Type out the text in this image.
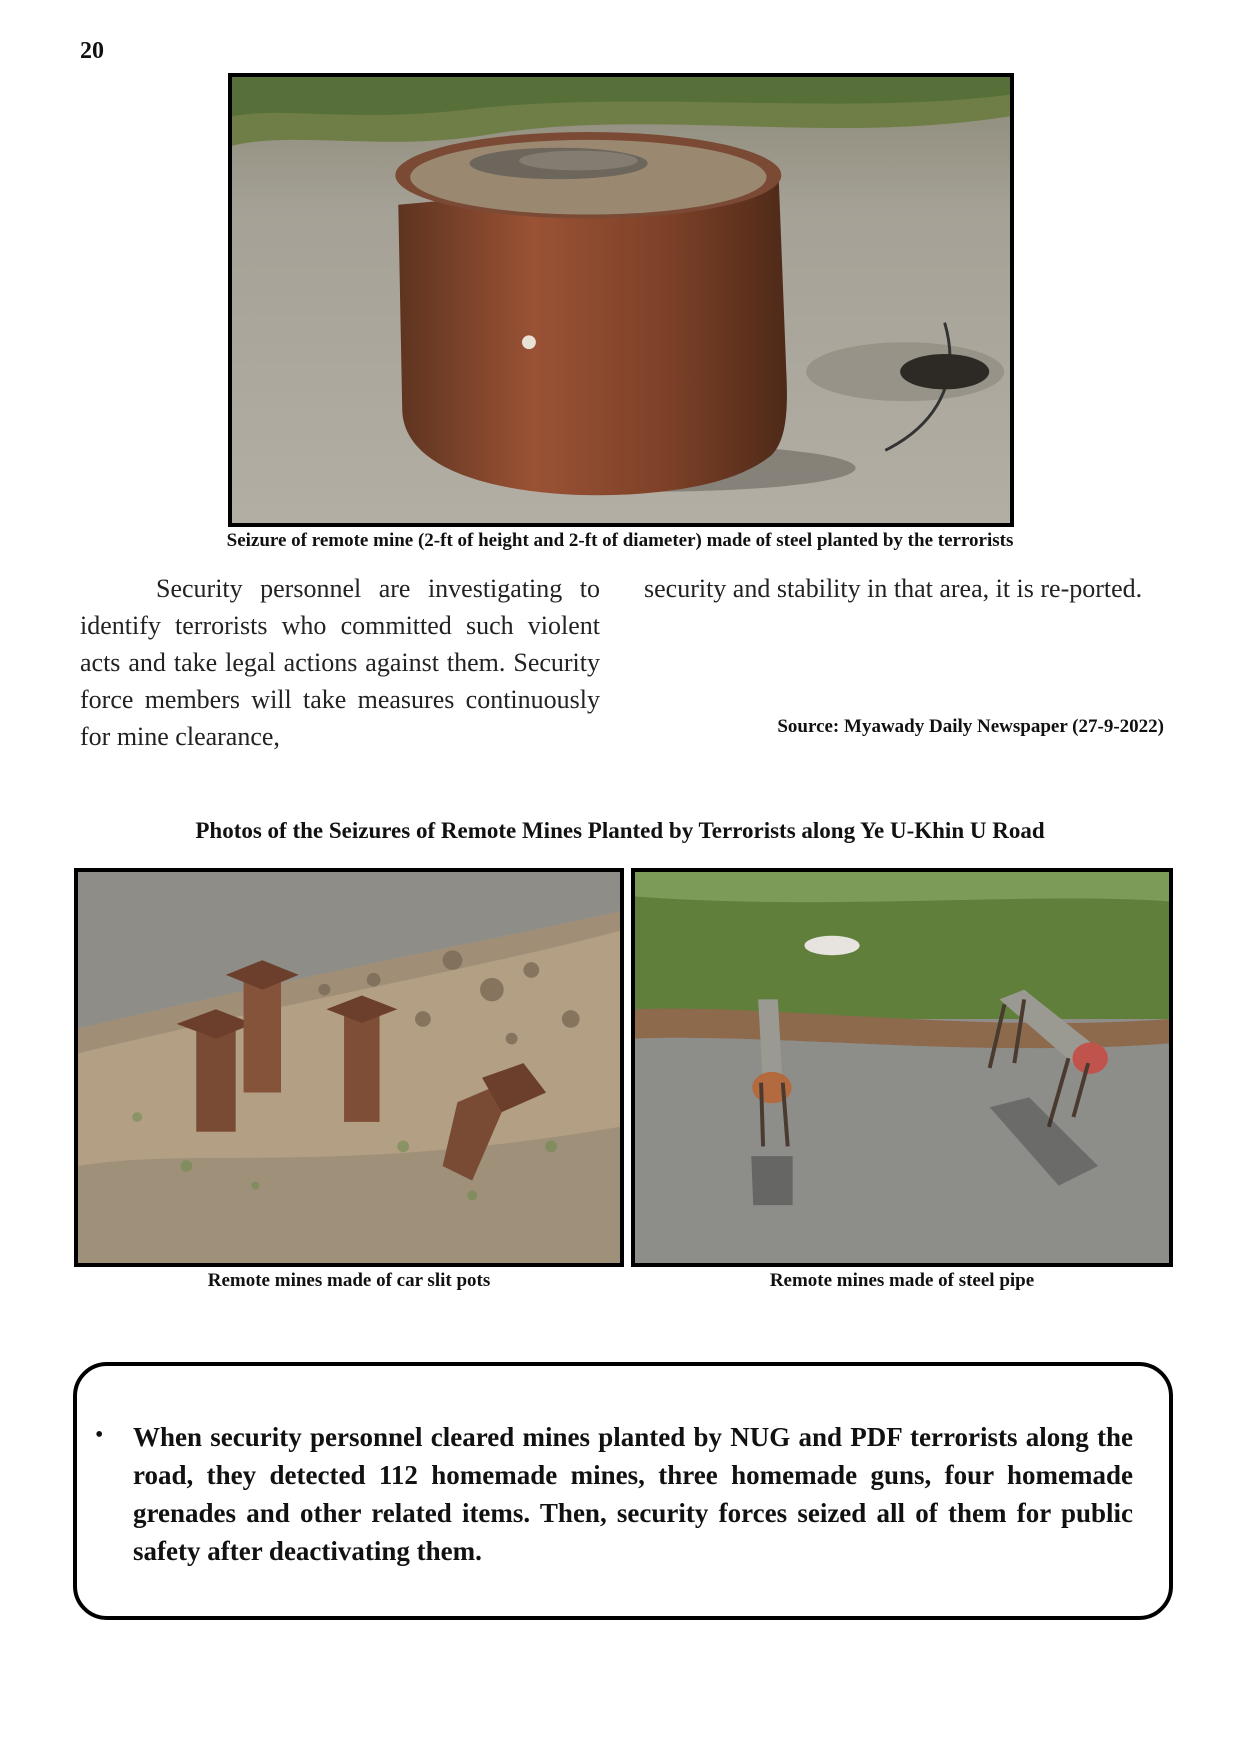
20
Seizure of remote mine (2-ft of height and 2-ft of diameter) made of steel planted by the terrorists
Security personnel are investigating to identify terrorists who committed such violent acts and take legal actions against them. Security force members will take measures continuously for mine clearance,
security and stability in that area, it is re-ported.
Source: Myawady Daily Newspaper (27-9-2022)
Photos of the Seizures of Remote Mines Planted by Terrorists along Ye U-Khin U Road
Remote mines made of car slit pots	Remote mines made of steel pipe
• When security personnel cleared mines planted by NUG and PDF terrorists along the road, they detected 112 homemade mines, three homemade guns, four homemade grenades and other related items. Then, security forces seized all of them for public safety after deactivating them.
